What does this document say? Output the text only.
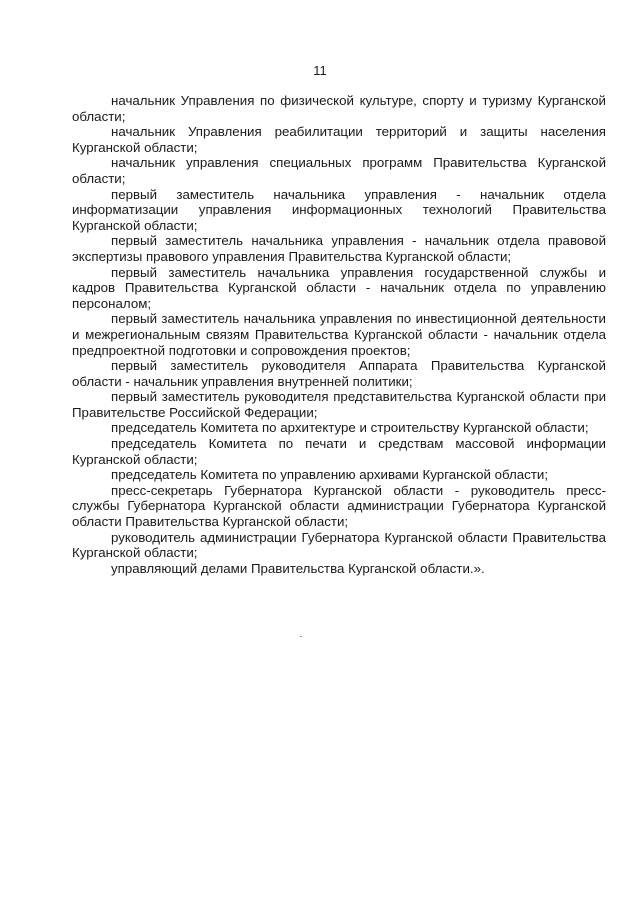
11

начальник Управления по физической культуре, спорту и туризму Курганской области;

начальник Управления реабилитации территорий и защиты населения Курганской области;

начальник управления специальных программ Правительства Курганской области;

первый заместитель начальника управления - начальник отдела информатизации управления информационных технологий Правительства Курганской области;

первый заместитель начальника управления - начальник отдела правовой экспертизы правового управления Правительства Курганской области;

первый заместитель начальника управления государственной службы и кадров Правительства Курганской области - начальник отдела по управлению персоналом;

первый заместитель начальника управления по инвестиционной деятельности и межрегиональным связям Правительства Курганской области - начальник отдела предпроектной подготовки и сопровождения проектов;

первый заместитель руководителя Аппарата Правительства Курганской области - начальник управления внутренней политики;

первый заместитель руководителя представительства Курганской области при Правительстве Российской Федерации;

председатель Комитета по архитектуре и строительству Курганской области;

председатель Комитета по печати и средствам массовой информации Курганской области;

председатель Комитета по управлению архивами Курганской области;

пресс-секретарь Губернатора Курганской области - руководитель пресс-службы Губернатора Курганской области администрации Губернатора Курганской области Правительства Курганской области;

руководитель администрации Губернатора Курганской области Правительства Курганской области;

управляющий делами Правительства Курганской области.».
